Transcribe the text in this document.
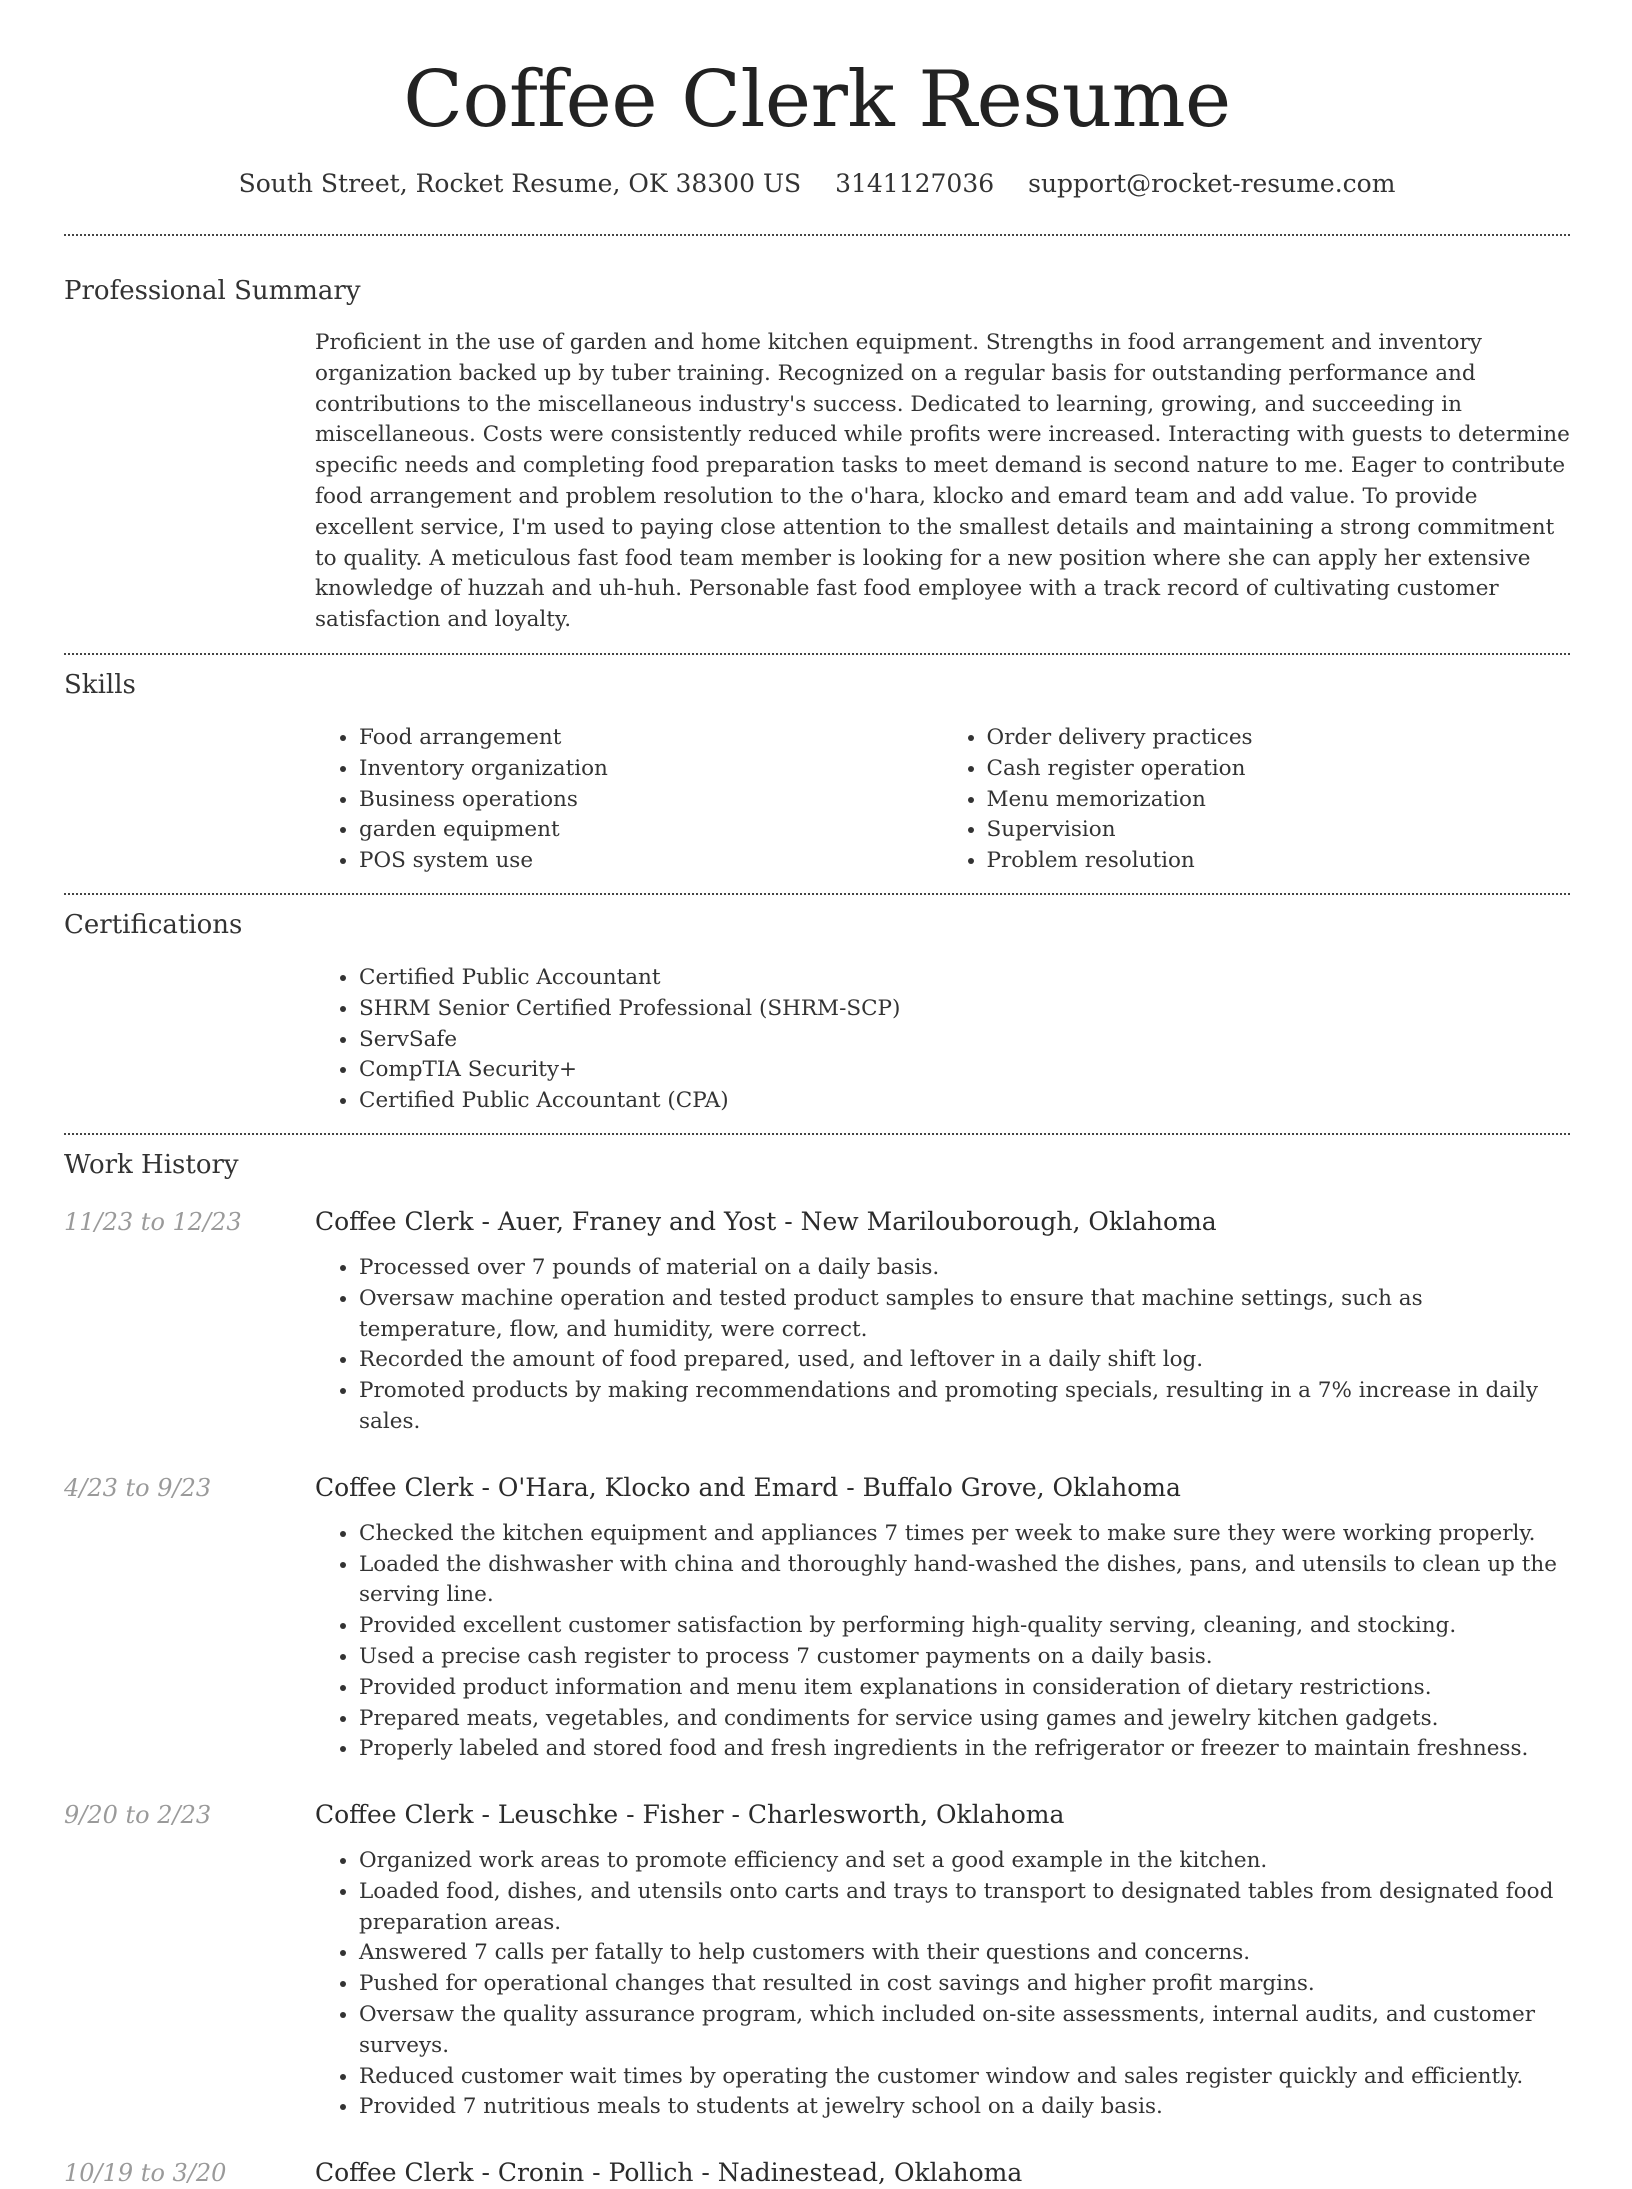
Coffee Clerk Resume
South Street, Rocket Resume, OK 38300 US 3141127036 support@rocket-resume.com
Professional Summary

Proficient in the use of garden and home kitchen equipment. Strengths in food arrangement and inventory organization backed up by tuber training. Recognized on a regular basis for outstanding performance and contributions to the miscellaneous industry's success. Dedicated to learning, growing, and succeeding in miscellaneous. Costs were consistently reduced while profits were increased. Interacting with guests to determine specific needs and completing food preparation tasks to meet demand is second nature to me. Eager to contribute food arrangement and problem resolution to the o'hara, klocko and emard team and add value. To provide excellent service, I'm used to paying close attention to the smallest details and maintaining a strong commitment to quality. A meticulous fast food team member is looking for a new position where she can apply her extensive knowledge of huzzah and uh-huh. Personable fast food employee with a track record of cultivating customer satisfaction and loyalty.

Skills
• Food arrangement
• Inventory organization
• Business operations
• garden equipment
• POS system use
• Order delivery practices
• Cash register operation
• Menu memorization
• Supervision
• Problem resolution
Certifications
• Certified Public Accountant
• SHRM Senior Certified Professional (SHRM-SCP)
• ServSafe
• CompTIA Security+
• Certified Public Accountant (CPA)
Work History
11/23 to 12/23	Coffee Clerk - Auer, Franey and Yost - New Marilouborough, Oklahoma
• Processed over 7 pounds of material on a daily basis.
• Oversaw machine operation and tested product samples to ensure that machine settings, such as temperature, flow, and humidity, were correct.
• Recorded the amount of food prepared, used, and leftover in a daily shift log.
• Promoted products by making recommendations and promoting specials, resulting in a 7% increase in daily sales.
4/23 to 9/23	Coffee Clerk - O'Hara, Klocko and Emard - Buffalo Grove, Oklahoma
• Checked the kitchen equipment and appliances 7 times per week to make sure they were working properly.
• Loaded the dishwasher with china and thoroughly hand-washed the dishes, pans, and utensils to clean up the serving line.
• Provided excellent customer satisfaction by performing high-quality serving, cleaning, and stocking.
• Used a precise cash register to process 7 customer payments on a daily basis.
• Provided product information and menu item explanations in consideration of dietary restrictions.
• Prepared meats, vegetables, and condiments for service using games and jewelry kitchen gadgets.
• Properly labeled and stored food and fresh ingredients in the refrigerator or freezer to maintain freshness.
9/20 to 2/23	Coffee Clerk - Leuschke - Fisher - Charlesworth, Oklahoma
• Organized work areas to promote efficiency and set a good example in the kitchen.
• Loaded food, dishes, and utensils onto carts and trays to transport to designated tables from designated food preparation areas.
• Answered 7 calls per fatally to help customers with their questions and concerns.
• Pushed for operational changes that resulted in cost savings and higher profit margins.
• Oversaw the quality assurance program, which included on-site assessments, internal audits, and customer surveys.
• Reduced customer wait times by operating the customer window and sales register quickly and efficiently.
• Provided 7 nutritious meals to students at jewelry school on a daily basis.
10/19 to 3/20	Coffee Clerk - Cronin - Pollich - Nadinestead, Oklahoma
